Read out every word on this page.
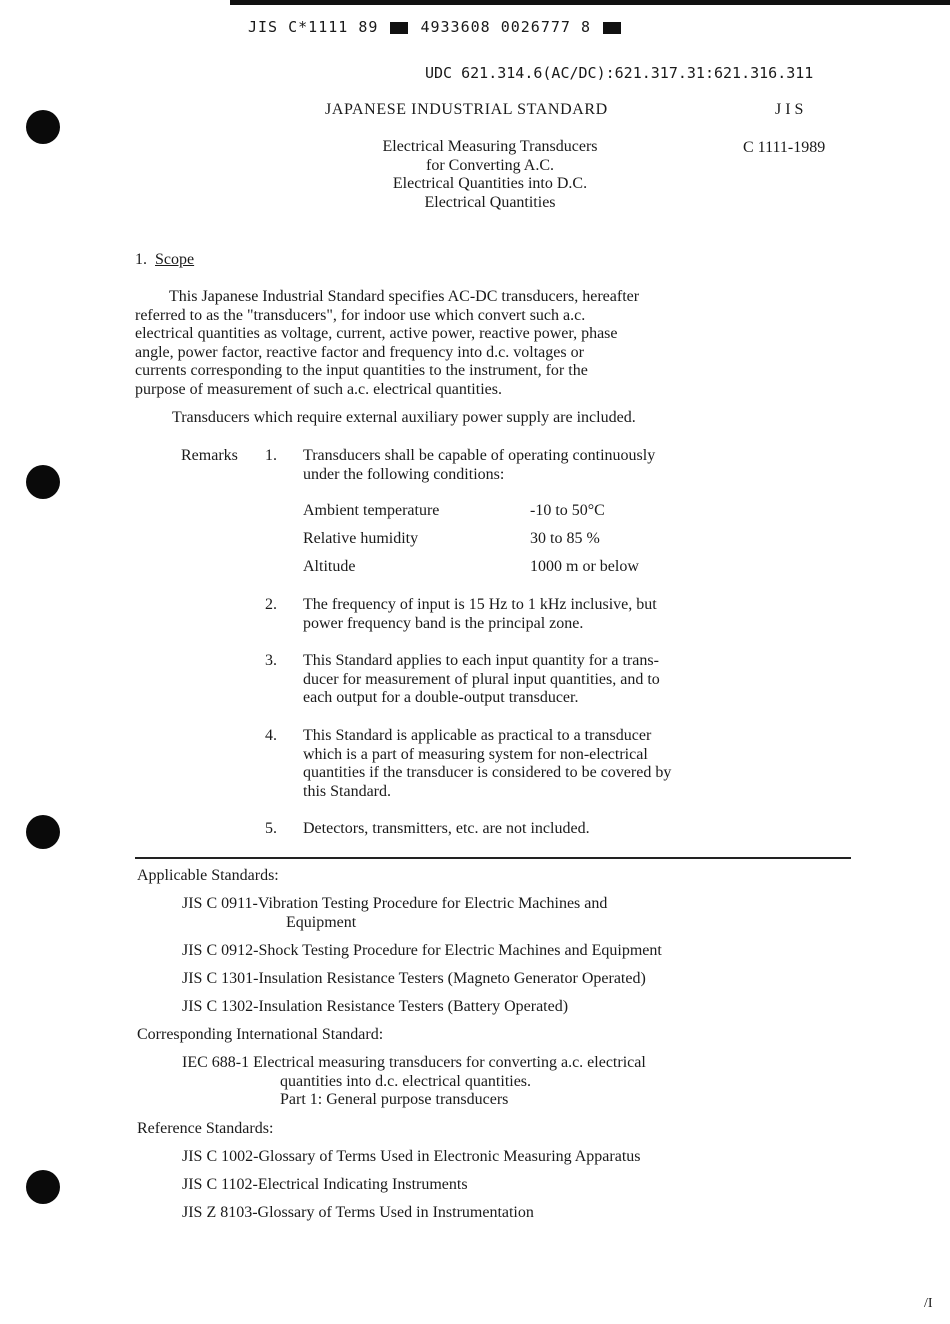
JIS C*1111 89	4933608 0026777 8
UDC 621.314.6(AC/DC):621.317.31:621.316.311
JAPANESE INDUSTRIAL STANDARD	J I S
C 1111-1989
Electrical Measuring Transducers
for Converting A.C.
Electrical Quantities into D.C.
Electrical Quantities
1. Scope
This Japanese Industrial Standard specifies AC-DC transducers, hereafter
referred to as the "transducers", for indoor use which convert such a.c.
electrical quantities as voltage, current, active power, reactive power, phase
angle, power factor, reactive factor and frequency into d.c. voltages or
currents corresponding to the input quantities to the instrument, for the
purpose of measurement of such a.c. electrical quantities.
Transducers which require external auxiliary power supply are included.
Remarks 1. Transducers shall be capable of operating continuously
under the following conditions:
Ambient temperature	-10 to 50°C
Relative humidity	30 to 85 %
Altitude	1000 m or below
2. The frequency of input is 15 Hz to 1 kHz inclusive, but
power frequency band is the principal zone.
3. This Standard applies to each input quantity for a trans-
ducer for measurement of plural input quantities, and to
each output for a double-output transducer.
4. This Standard is applicable as practical to a transducer
which is a part of measuring system for non-electrical
quantities if the transducer is considered to be covered by
this Standard.
5. Detectors, transmitters, etc. are not included.
Applicable Standards:
JIS C 0911-Vibration Testing Procedure for Electric Machines and
Equipment
JIS C 0912-Shock Testing Procedure for Electric Machines and Equipment
JIS C 1301-Insulation Resistance Testers (Magneto Generator Operated)
JIS C 1302-Insulation Resistance Testers (Battery Operated)
Corresponding International Standard:
IEC 688-1 Electrical measuring transducers for converting a.c. electrical
quantities into d.c. electrical quantities.
Part 1: General purpose transducers
Reference Standards:
JIS C 1002-Glossary of Terms Used in Electronic Measuring Apparatus
JIS C 1102-Electrical Indicating Instruments
JIS Z 8103-Glossary of Terms Used in Instrumentation
/I
